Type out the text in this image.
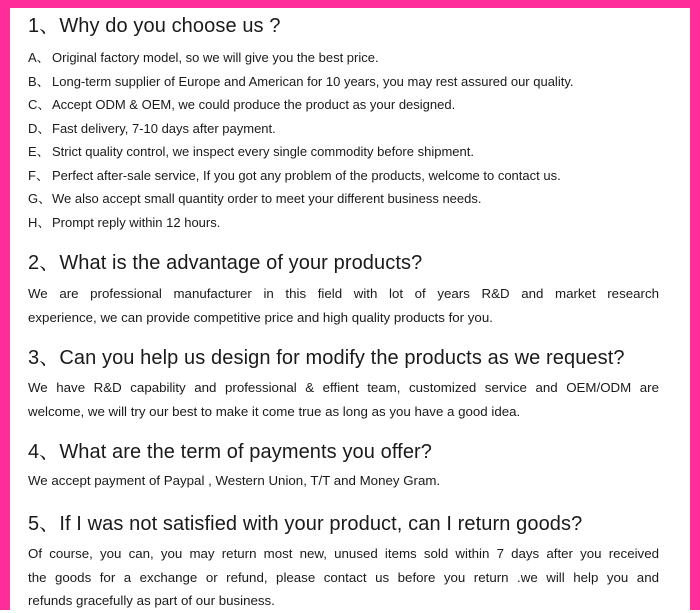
1、Why do you choose us ?
A、 Original factory model, so we will give you the best price.
B、 Long-term supplier of Europe and American for 10 years, you may rest assured our quality.
C、 Accept ODM & OEM, we could produce the product as your designed.
D、 Fast delivery, 7-10 days after payment.
E、 Strict quality control, we inspect every single commodity before shipment.
F、 Perfect after-sale service, If you got any problem of the products, welcome to contact us.
G、We also accept small quantity order to meet your different business needs.
H、 Prompt reply within 12 hours.
2、What is the advantage of your products?
We are professional manufacturer in this field with lot of years R&D and market research
experience, we can provide competitive price and high quality products for you.
3、Can you help us design for modify the products as we request?
We have R&D capability and professional & effient team, customized service and OEM/ODM are
welcome, we will try our best to make it come true as long as you have a good idea.
4、What are the term of payments you offer?
We accept payment of Paypal , Western Union, T/T and Money Gram.
5、If I was not satisfied with your product, can I return goods?
Of course, you can, you may return most new, unused items sold within 7 days after you received
the goods for a exchange or refund, please contact us before you return .we will help you and
refunds gracefully as part of our business.
